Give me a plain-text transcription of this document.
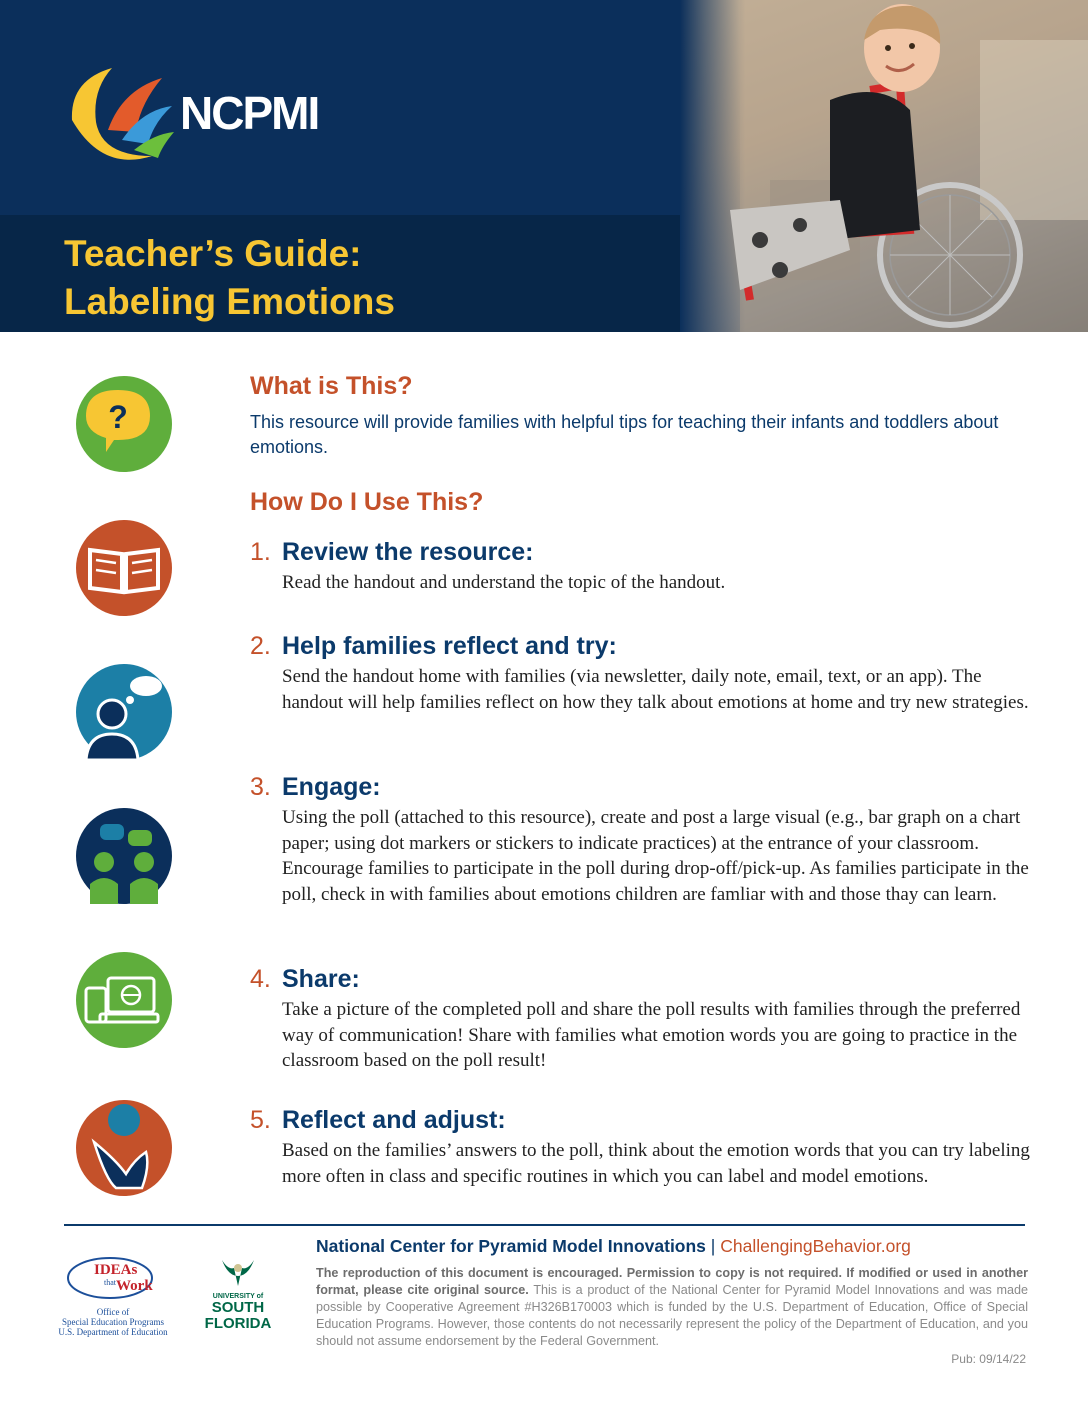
NCPMI
Teacher’s Guide:
Labeling Emotions
?
What is This?
This resource will provide families with helpful tips for teaching their infants and toddlers about emotions.
How Do I Use This?
1. Review the resource:
Read the handout and understand the topic of the handout.
2. Help families reflect and try:
Send the handout home with families (via newsletter, daily note, email, text, or an app). The handout will help families reflect on how they talk about emotions at home and try new strategies.
3. Engage:
Using the poll (attached to this resource), create and post a large visual (e.g., bar graph on a chart paper; using dot markers or stickers to indicate practices) at the entrance of your classroom. Encourage families to participate in the poll during drop-off/pick-up. As families participate in the poll, check in with families about emotions children are famliar with and those thay can learn.
4. Share:
Take a picture of the completed poll and share the poll results with families through the preferred way of communication! Share with families what emotion words you are going to practice in the classroom based on the poll result!
5. Reflect and adjust:
Based on the families’ answers to the poll, think about the emotion words that you can try labeling more often in class and specific routines in which you can label and model emotions.
IDEAs
that Work
Office of
Special Education Programs
U.S. Department of Education
UNIVERSITY of
SOUTH
FLORIDA
National Center for Pyramid Model Innovations | ChallengingBehavior.org
The reproduction of this document is encouraged. Permission to copy is not required. If modified or used in another format, please cite original source. This is a product of the National Center for Pyramid Model Innovations and was made possible by Cooperative Agreement #H326B170003 which is funded by the U.S. Department of Education, Office of Special Education Programs. However, those contents do not necessarily represent the policy of the Department of Education, and you should not assume endorsement by the Federal Government.
Pub: 09/14/22
